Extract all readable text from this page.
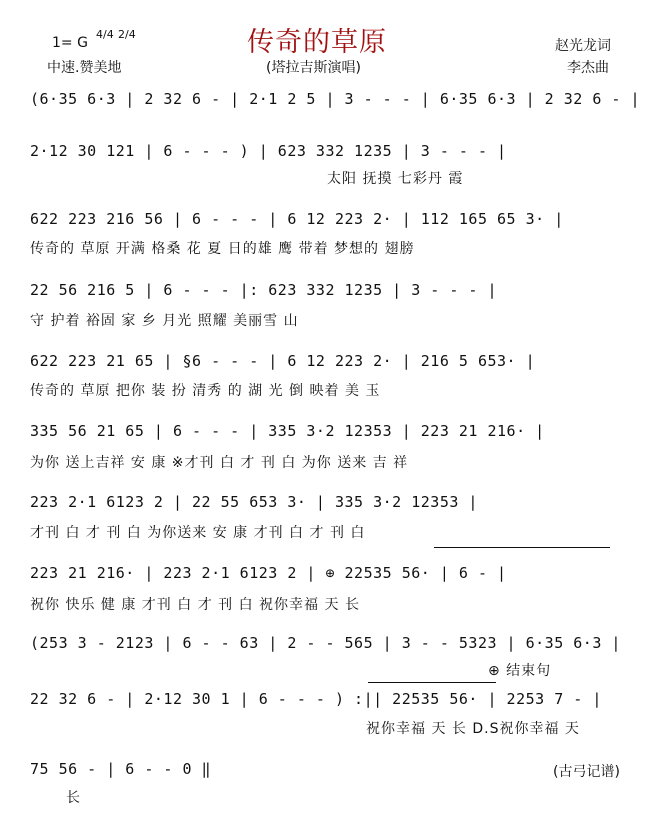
传奇的草原
1= G
4/4 2/4
中速.赞美地	(塔拉吉斯演唱)
赵光龙词
李杰曲
(6·35 6·3 | 2 32 6 - | 2·1 2 5 | 3 - - - | 6·35 6·3 | 2 32 6 - |
2·12 30 121 | 6 - - - ) | 623 332 1235 | 3 - - - |
太阳 抚摸 七彩丹 霞
622 223 216 56 | 6 - - - | 6 12 223 2· | 112 165 65 3· |
传奇的 草原 开满 格桑 花 夏 日的雄 鹰 带着 梦想的 翅膀
22 56 216 5 | 6 - - - |: 623 332 1235 | 3 - - - |
守 护着 裕固 家 乡 月光 照耀 美丽雪 山
622 223 21 65 | §6 - - - | 6 12 223 2· | 216 5 653· |
传奇的 草原 把你 装 扮 清秀 的 湖 光 倒 映着 美 玉
335 56 21 65 | 6 - - - | 335 3·2 12353 | 223 21 216· |
为你 送上吉祥 安 康 ※才刊 白 才 刊 白 为你 送来 吉 祥
223 2·1 6123 2 | 22 55 653 3· | 335 3·2 12353 |
才刊 白 才 刊 白 为你送来 安 康 才刊 白 才 刊 白
223 21 216· | 223 2·1 6123 2 | ⊕ 22535 56· | 6 - |
祝你 快乐 健 康 才刊 白 才 刊 白 祝你幸福 天 长
(253 3 - 2123 | 6 - - 63 | 2 - - 565 | 3 - - 5323 | 6·35 6·3 |
⊕ 结束句
22 32 6 - | 2·12 30 1 | 6 - - - ) :|| 22535 56· | 2253 7 - |
祝你幸福 天 长 D.S祝你幸福 天
75 56 - | 6 - - 0 ‖
长
(古弓记谱)
